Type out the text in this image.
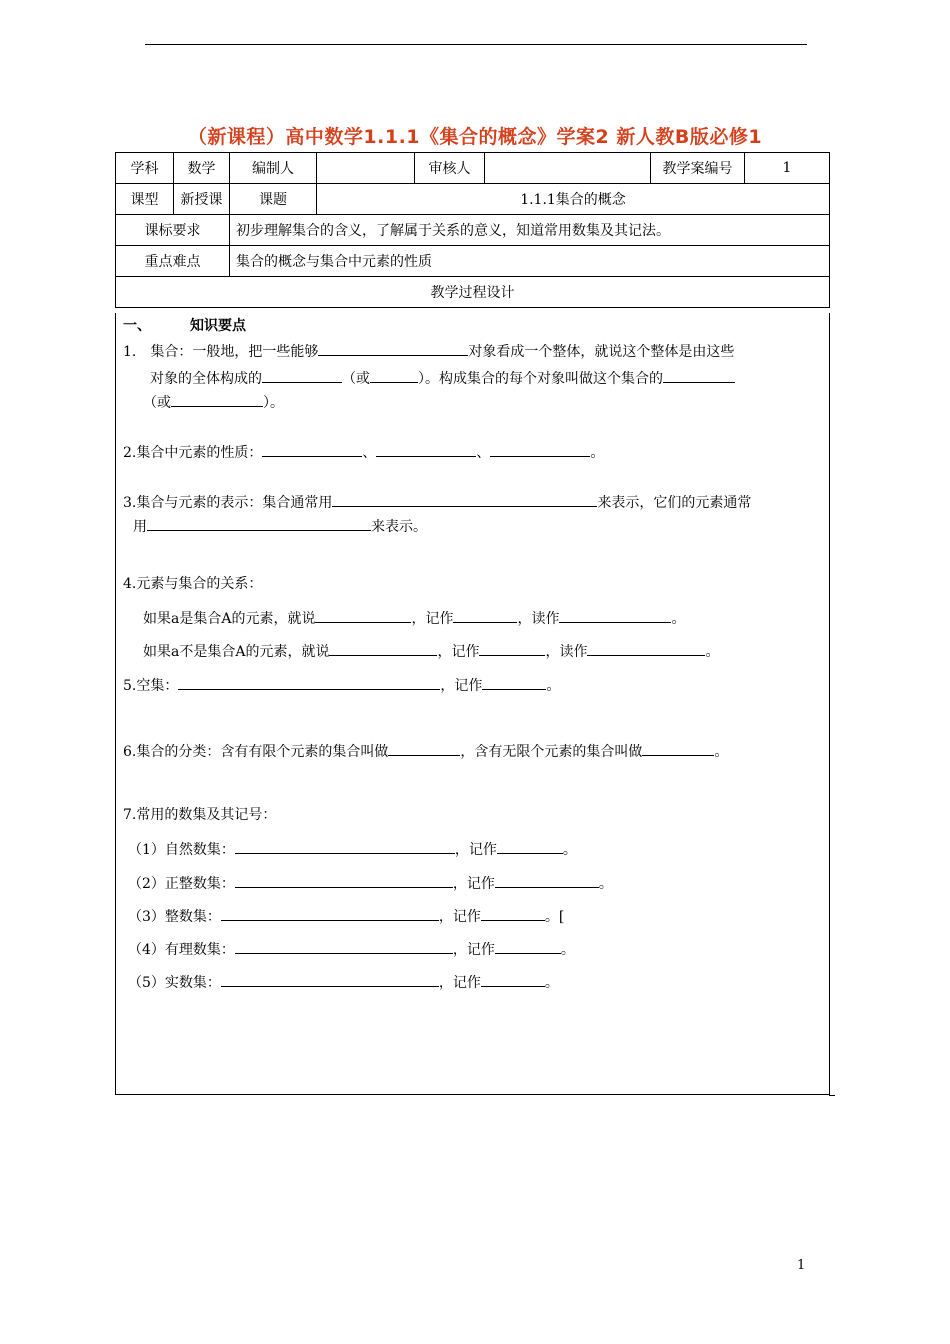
（新课程）高中数学1.1.1《集合的概念》学案2 新人教B版必修1
学科	数学	编制人		审核人		教学案编号	1
课型	新授课	课题	1.1.1集合的概念				
课标要求		初步理解集合的含义，了解属于关系的意义，知道常用数集及其记法。					
重点难点		集合的概念与集合中元素的性质					
教学过程设计							
一、	知识要点
1.　集合：一般地，把一些能够	对象看成一个整体，就说这个整体是由这些
对象的全体构成的	（或	）。构成集合的每个对象叫做这个集合的
（或	）。
2.集合中元素的性质：	、	、	。
3.集合与元素的表示：集合通常用	来表示，它们的元素通常
用	来表示。
4.元素与集合的关系：
如果a是集合A的元素，就说	，记作	，读作	。
如果a不是集合A的元素，就说	，记作	，读作	。
5.空集：	，记作	。
6.集合的分类：含有有限个元素的集合叫做	，含有无限个元素的集合叫做	。
7.常用的数集及其记号：
（1）自然数集：	，记作	。
（2）正整数集：	，记作	。
（3）整数集：	，记作	。[
（4）有理数集：	，记作	。
（5）实数集：	，记作	。
1
